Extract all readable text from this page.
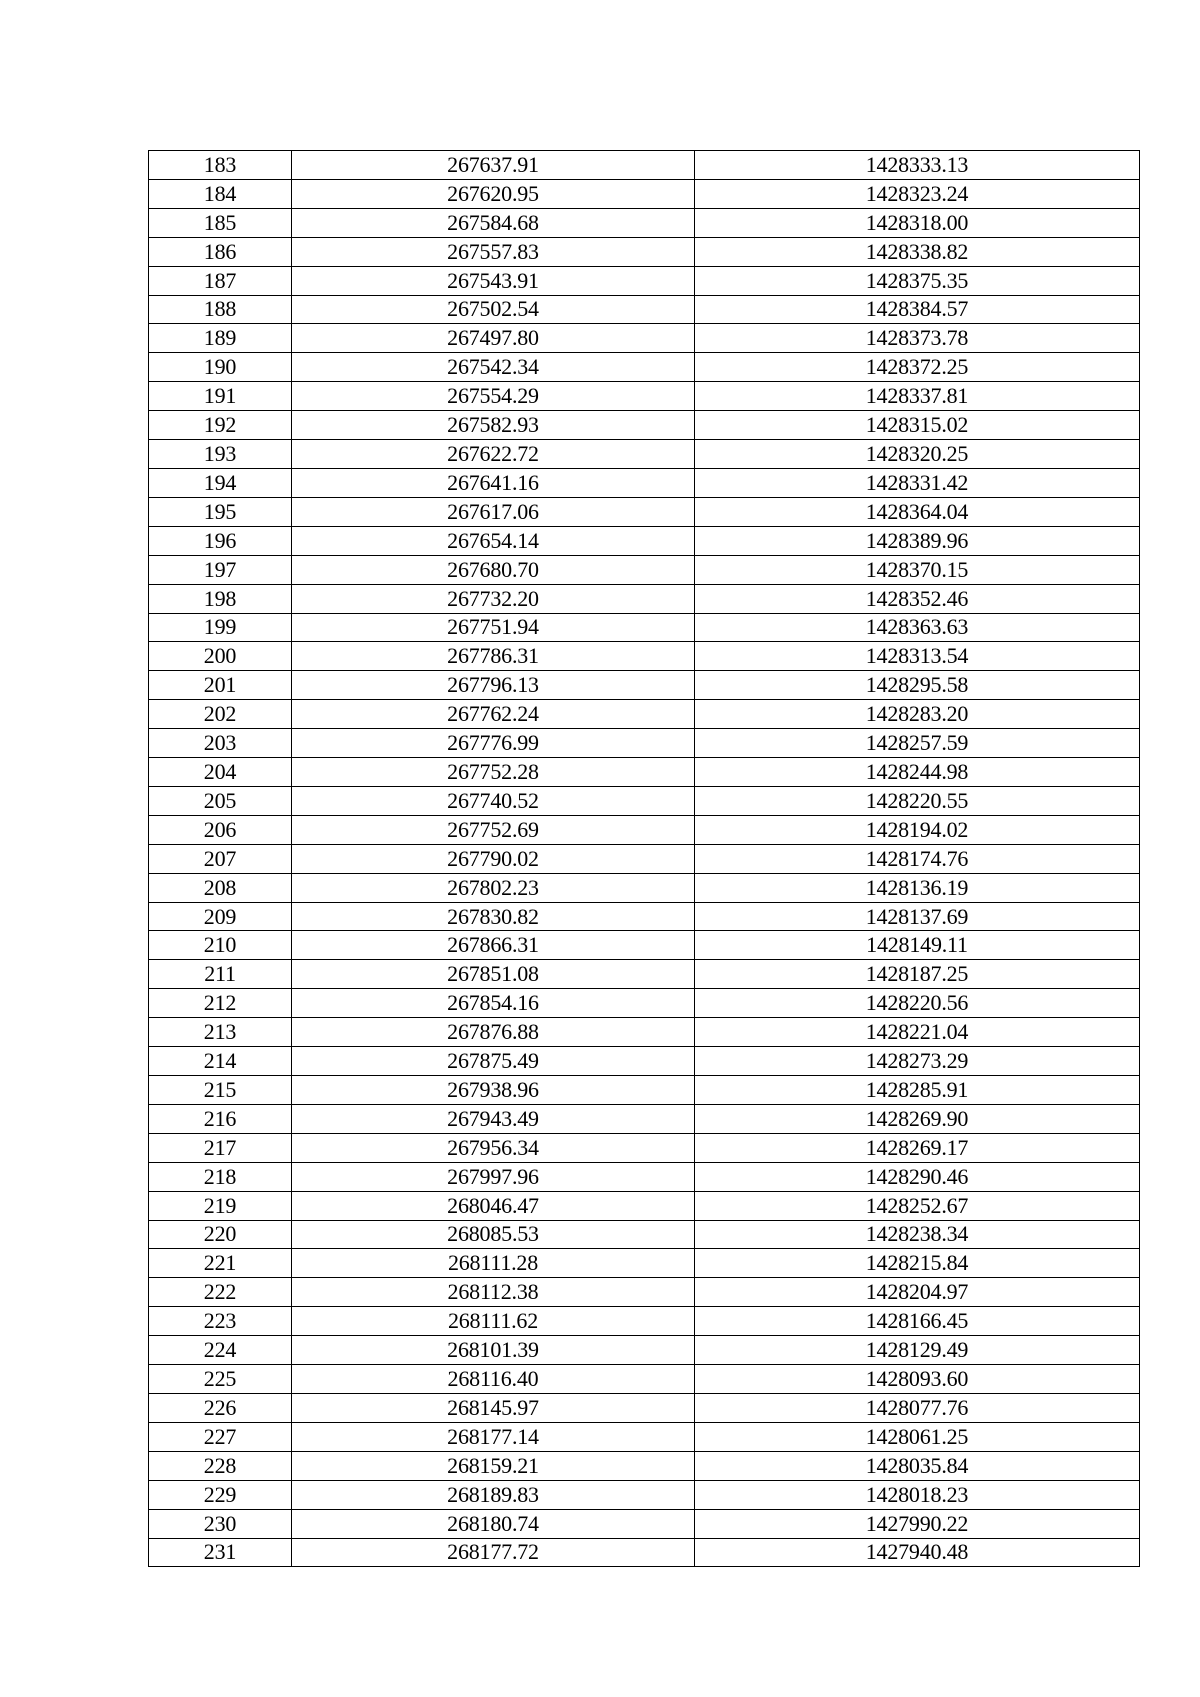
183	267637.91	1428333.13
184	267620.95	1428323.24
185	267584.68	1428318.00
186	267557.83	1428338.82
187	267543.91	1428375.35
188	267502.54	1428384.57
189	267497.80	1428373.78
190	267542.34	1428372.25
191	267554.29	1428337.81
192	267582.93	1428315.02
193	267622.72	1428320.25
194	267641.16	1428331.42
195	267617.06	1428364.04
196	267654.14	1428389.96
197	267680.70	1428370.15
198	267732.20	1428352.46
199	267751.94	1428363.63
200	267786.31	1428313.54
201	267796.13	1428295.58
202	267762.24	1428283.20
203	267776.99	1428257.59
204	267752.28	1428244.98
205	267740.52	1428220.55
206	267752.69	1428194.02
207	267790.02	1428174.76
208	267802.23	1428136.19
209	267830.82	1428137.69
210	267866.31	1428149.11
211	267851.08	1428187.25
212	267854.16	1428220.56
213	267876.88	1428221.04
214	267875.49	1428273.29
215	267938.96	1428285.91
216	267943.49	1428269.90
217	267956.34	1428269.17
218	267997.96	1428290.46
219	268046.47	1428252.67
220	268085.53	1428238.34
221	268111.28	1428215.84
222	268112.38	1428204.97
223	268111.62	1428166.45
224	268101.39	1428129.49
225	268116.40	1428093.60
226	268145.97	1428077.76
227	268177.14	1428061.25
228	268159.21	1428035.84
229	268189.83	1428018.23
230	268180.74	1427990.22
231	268177.72	1427940.48
